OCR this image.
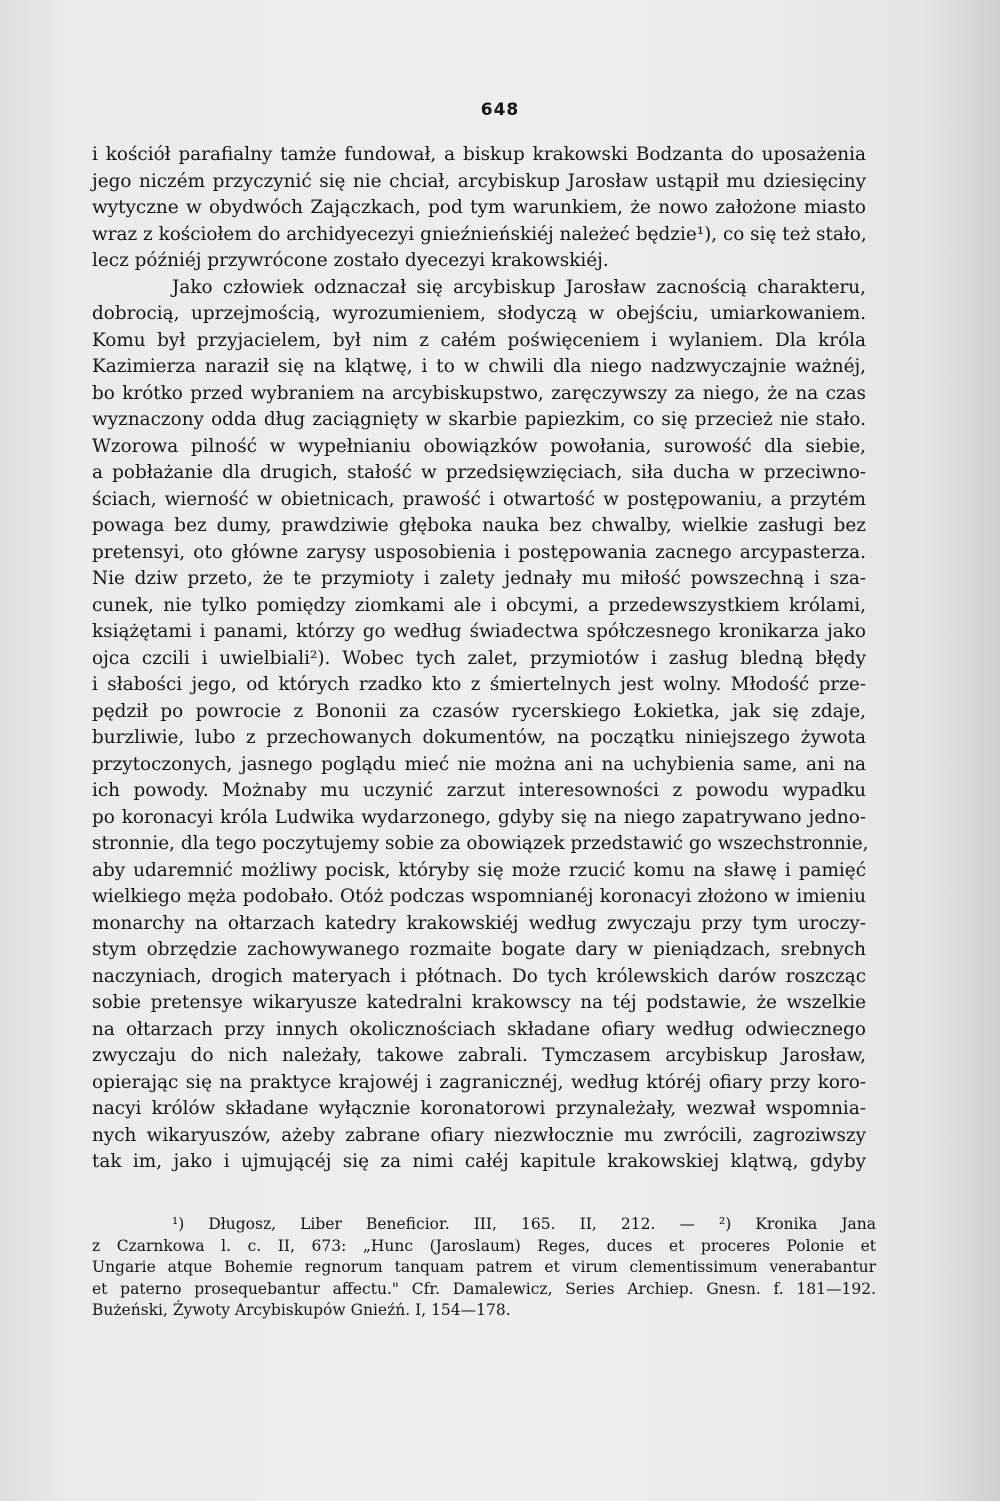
648
i kościół parafialny tamże fundował, a biskup krakowski Bodzanta do uposażenia
jego niczém przyczynić się nie chciał, arcybiskup Jarosław ustąpił mu dziesięciny
wytyczne w obydwóch Zajączkach, pod tym warunkiem, że nowo założone miasto
wraz z kościołem do archidyecezyi gnieźnieńskiéj należeć będzie¹), co się też stało,
lecz późniéj przywrócone zostało dyecezyi krakowskiéj.
Jako człowiek odznaczał się arcybiskup Jarosław zacnością charakteru,
dobrocią, uprzejmością, wyrozumieniem, słodyczą w obejściu, umiarkowaniem.
Komu był przyjacielem, był nim z całém poświęceniem i wylaniem. Dla króla
Kazimierza naraził się na klątwę, i to w chwili dla niego nadzwyczajnie ważnéj,
bo krótko przed wybraniem na arcybiskupstwo, zaręczywszy za niego, że na czas
wyznaczony odda dług zaciągnięty w skarbie papiezkim, co się przecież nie stało.
Wzorowa pilność w wypełnianiu obowiązków powołania, surowość dla siebie,
a pobłażanie dla drugich, stałość w przedsięwzięciach, siła ducha w przeciwno-
ściach, wierność w obietnicach, prawość i otwartość w postępowaniu, a przytém
powaga bez dumy, prawdziwie głęboka nauka bez chwalby, wielkie zasługi bez
pretensyi, oto główne zarysy usposobienia i postępowania zacnego arcypasterza.
Nie dziw przeto, że te przymioty i zalety jednały mu miłość powszechną i sza-
cunek, nie tylko pomiędzy ziomkami ale i obcymi, a przedewszystkiem królami,
książętami i panami, którzy go według świadectwa spółczesnego kronikarza jako
ojca czcili i uwielbiali²). Wobec tych zalet, przymiotów i zasług bledną błędy
i słabości jego, od których rzadko kto z śmiertelnych jest wolny. Młodość prze-
pędził po powrocie z Bononii za czasów rycerskiego Łokietka, jak się zdaje,
burzliwie, lubo z przechowanych dokumentów, na początku niniejszego żywota
przytoczonych, jasnego poglądu mieć nie można ani na uchybienia same, ani na
ich powody. Możnaby mu uczynić zarzut interesowności z powodu wypadku
po koronacyi króla Ludwika wydarzonego, gdyby się na niego zapatrywano jedno-
stronnie, dla tego poczytujemy sobie za obowiązek przedstawić go wszechstronnie,
aby udaremnić możliwy pocisk, któryby się może rzucić komu na sławę i pamięć
wielkiego męża podobało. Otóż podczas wspomnianéj koronacyi złożono w imieniu
monarchy na ołtarzach katedry krakowskiéj według zwyczaju przy tym uroczy-
stym obrzędzie zachowywanego rozmaite bogate dary w pieniądzach, srebnych
naczyniach, drogich materyach i płótnach. Do tych królewskich darów roszcząc
sobie pretensye wikaryusze katedralni krakowscy na téj podstawie, że wszelkie
na ołtarzach przy innych okolicznościach składane ofiary według odwiecznego
zwyczaju do nich należały, takowe zabrali. Tymczasem arcybiskup Jarosław,
opierając się na praktyce krajowéj i zagranicznéj, według któréj ofiary przy koro-
nacyi królów składane wyłącznie koronatorowi przynależały, wezwał wspomnia-
nych wikaryuszów, ażeby zabrane ofiary niezwłocznie mu zwrócili, zagroziwszy
tak im, jako i ujmującéj się za nimi całéj kapitule krakowskiej klątwą, gdyby
¹) Długosz, Liber Beneficior. III, 165. II, 212. — ²) Kronika Jana
z Czarnkowa l. c. II, 673: „Hunc (Jaroslaum) Reges, duces et proceres Polonie et
Ungarie atque Bohemie regnorum tanquam patrem et virum clementissimum venerabantur
et paterno prosequebantur affectu." Cfr. Damalewicz, Series Archiep. Gnesn. f. 181—192.
Bużeński, Żywoty Arcybiskupów Gnieźń. I, 154—178.
